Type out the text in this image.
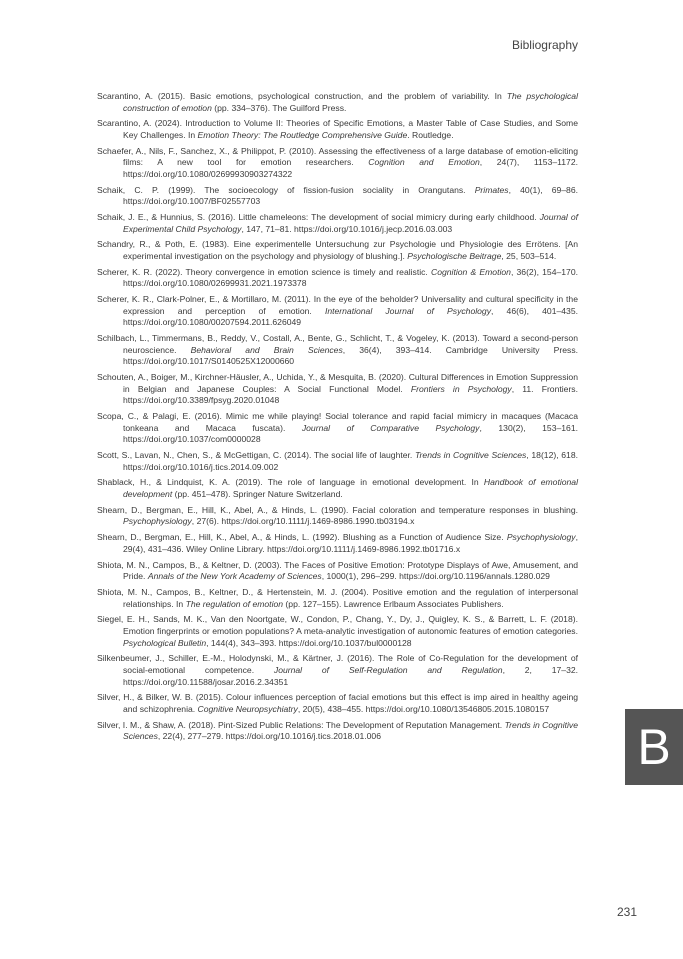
Bibliography
Scarantino, A. (2015). Basic emotions, psychological construction, and the problem of variability. In The psychological construction of emotion (pp. 334–376). The Guilford Press.
Scarantino, A. (2024). Introduction to Volume II: Theories of Specific Emotions, a Master Table of Case Studies, and Some Key Challenges. In Emotion Theory: The Routledge Comprehensive Guide. Routledge.
Schaefer, A., Nils, F., Sanchez, X., & Philippot, P. (2010). Assessing the effectiveness of a large database of emotion-eliciting films: A new tool for emotion researchers. Cognition and Emotion, 24(7), 1153–1172. https://doi.org/10.1080/02699930903274322
Schaik, C. P. (1999). The socioecology of fission-fusion sociality in Orangutans. Primates, 40(1), 69–86. https://doi.org/10.1007/BF02557703
Schaik, J. E., & Hunnius, S. (2016). Little chameleons: The development of social mimicry during early childhood. Journal of Experimental Child Psychology, 147, 71–81. https://doi.org/10.1016/j.jecp.2016.03.003
Schandry, R., & Poth, E. (1983). Eine experimentelle Untersuchung zur Psychologie und Physiologie des Errötens. [An experimental investigation on the psychology and physiology of blushing.]. Psychologische Beitrage, 25, 503–514.
Scherer, K. R. (2022). Theory convergence in emotion science is timely and realistic. Cognition & Emotion, 36(2), 154–170. https://doi.org/10.1080/02699931.2021.1973378
Scherer, K. R., Clark-Polner, E., & Mortillaro, M. (2011). In the eye of the beholder? Universality and cultural specificity in the expression and perception of emotion. International Journal of Psychology, 46(6), 401–435. https://doi.org/10.1080/00207594.2011.626049
Schilbach, L., Timmermans, B., Reddy, V., Costall, A., Bente, G., Schlicht, T., & Vogeley, K. (2013). Toward a second-person neuroscience. Behavioral and Brain Sciences, 36(4), 393–414. Cambridge University Press. https://doi.org/10.1017/S0140525X12000660
Schouten, A., Boiger, M., Kirchner-Häusler, A., Uchida, Y., & Mesquita, B. (2020). Cultural Differences in Emotion Suppression in Belgian and Japanese Couples: A Social Functional Model. Frontiers in Psychology, 11. Frontiers. https://doi.org/10.3389/fpsyg.2020.01048
Scopa, C., & Palagi, E. (2016). Mimic me while playing! Social tolerance and rapid facial mimicry in macaques (Macaca tonkeana and Macaca fuscata). Journal of Comparative Psychology, 130(2), 153–161. https://doi.org/10.1037/com0000028
Scott, S., Lavan, N., Chen, S., & McGettigan, C. (2014). The social life of laughter. Trends in Cognitive Sciences, 18(12), 618. https://doi.org/10.1016/j.tics.2014.09.002
Shablack, H., & Lindquist, K. A. (2019). The role of language in emotional development. In Handbook of emotional development (pp. 451–478). Springer Nature Switzerland.
Shearn, D., Bergman, E., Hill, K., Abel, A., & Hinds, L. (1990). Facial coloration and temperature responses in blushing. Psychophysiology, 27(6). https://doi.org/10.1111/j.1469-8986.1990.tb03194.x
Shearn, D., Bergman, E., Hill, K., Abel, A., & Hinds, L. (1992). Blushing as a Function of Audience Size. Psychophysiology, 29(4), 431–436. Wiley Online Library. https://doi.org/10.1111/j.1469-8986.1992.tb01716.x
Shiota, M. N., Campos, B., & Keltner, D. (2003). The Faces of Positive Emotion: Prototype Displays of Awe, Amusement, and Pride. Annals of the New York Academy of Sciences, 1000(1), 296–299. https://doi.org/10.1196/annals.1280.029
Shiota, M. N., Campos, B., Keltner, D., & Hertenstein, M. J. (2004). Positive emotion and the regulation of interpersonal relationships. In The regulation of emotion (pp. 127–155). Lawrence Erlbaum Associates Publishers.
Siegel, E. H., Sands, M. K., Van den Noortgate, W., Condon, P., Chang, Y., Dy, J., Quigley, K. S., & Barrett, L. F. (2018). Emotion fingerprints or emotion populations? A meta-analytic investigation of autonomic features of emotion categories. Psychological Bulletin, 144(4), 343–393. https://doi.org/10.1037/bul0000128
Silkenbeumer, J., Schiller, E.-M., Holodynski, M., & Kärtner, J. (2016). The Role of Co-Regulation for the development of social-emotional competence. Journal of Self-Regulation and Regulation, 2, 17–32. https://doi.org/10.11588/josar.2016.2.34351
Silver, H., & Bilker, W. B. (2015). Colour influences perception of facial emotions but this effect is imp aired in healthy ageing and schizophrenia. Cognitive Neuropsychiatry, 20(5), 438–455. https://doi.org/10.1080/13546805.2015.1080157
Silver, I. M., & Shaw, A. (2018). Pint-Sized Public Relations: The Development of Reputation Management. Trends in Cognitive Sciences, 22(4), 277–279. https://doi.org/10.1016/j.tics.2018.01.006	B
231
